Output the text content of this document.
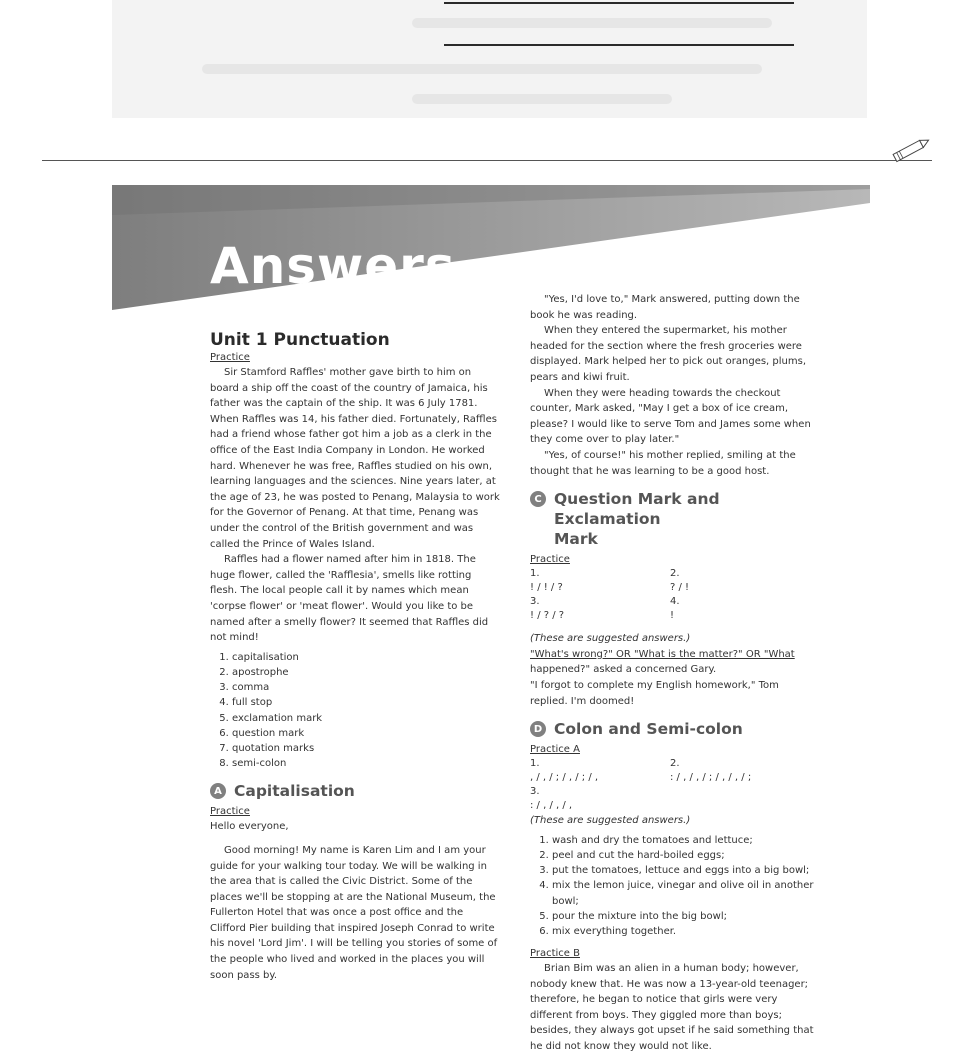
Answers
Unit 1 Punctuation

Practice

Sir Stamford Raffles' mother gave birth to him on board a ship off the coast of the country of Jamaica, his father was the captain of the ship. It was 6 July 1781. When Raffles was 14, his father died. Fortunately, Raffles had a friend whose father got him a job as a clerk in the office of the East India Company in London. He worked hard. Whenever he was free, Raffles studied on his own, learning languages and the sciences. Nine years later, at the age of 23, he was posted to Penang, Malaysia to work for the Governor of Penang. At that time, Penang was under the control of the British government and was called the Prince of Wales Island.

Raffles had a flower named after him in 1818. The huge flower, called the 'Rafflesia', smells like rotting flesh. The local people call it by names which mean 'corpse flower' or 'meat flower'. Would you like to be named after a smelly flower? It seemed that Raffles did not mind!

1. capitalisation
2. apostrophe
3. comma
4. full stop
5. exclamation mark
6. question mark
7. quotation marks
8. semi-colon
A Capitalisation

Practice

Hello everyone,

Good morning! My name is Karen Lim and I am your guide for your walking tour today. We will be walking in the area that is called the Civic District. Some of the places we'll be stopping at are the National Museum, the Fullerton Hotel that was once a post office and the Clifford Pier building that inspired Joseph Conrad to write his novel 'Lord Jim'. I will be telling you stories of some of the people who lived and worked in the places you will soon pass by.

"Yes, I'd love to," Mark answered, putting down the book he was reading.

When they entered the supermarket, his mother headed for the section where the fresh groceries were displayed. Mark helped her to pick out oranges, plums, pears and kiwi fruit.

When they were heading towards the checkout counter, Mark asked, "May I get a box of ice cream, please? I would like to serve Tom and James some when they come over to play later."

"Yes, of course!" his mother replied, smiling at the thought that he was learning to be a good host.

C Question Mark and Exclamation
Mark

Practice

1.
! / ! / ?
2.
? / !
3.
! / ? / ?
4.
!

(These are suggested answers.)

"What's wrong?" OR "What is the matter?" OR "What

happened?" asked a concerned Gary.

"I forgot to complete my English homework," Tom

replied. I'm doomed!

D Colon and Semi-colon

Practice A

1.
, / , / ; / , / ; / ,
2.
: / , / , / ; / , / , / ;
3.
: / , / , / ,

(These are suggested answers.)

1. wash and dry the tomatoes and lettuce;
2. peel and cut the hard-boiled eggs;
3. put the tomatoes, lettuce and eggs into a big bowl;
4. mix the lemon juice, vinegar and olive oil in another bowl;
5. pour the mixture into the big bowl;
6. mix everything together.

Practice B

Brian Bim was an alien in a human body; however, nobody knew that. He was now a 13-year-old teenager; therefore, he began to notice that girls were very different from boys. They giggled more than boys; besides, they always got upset if he said something that he did not know they would not like.
